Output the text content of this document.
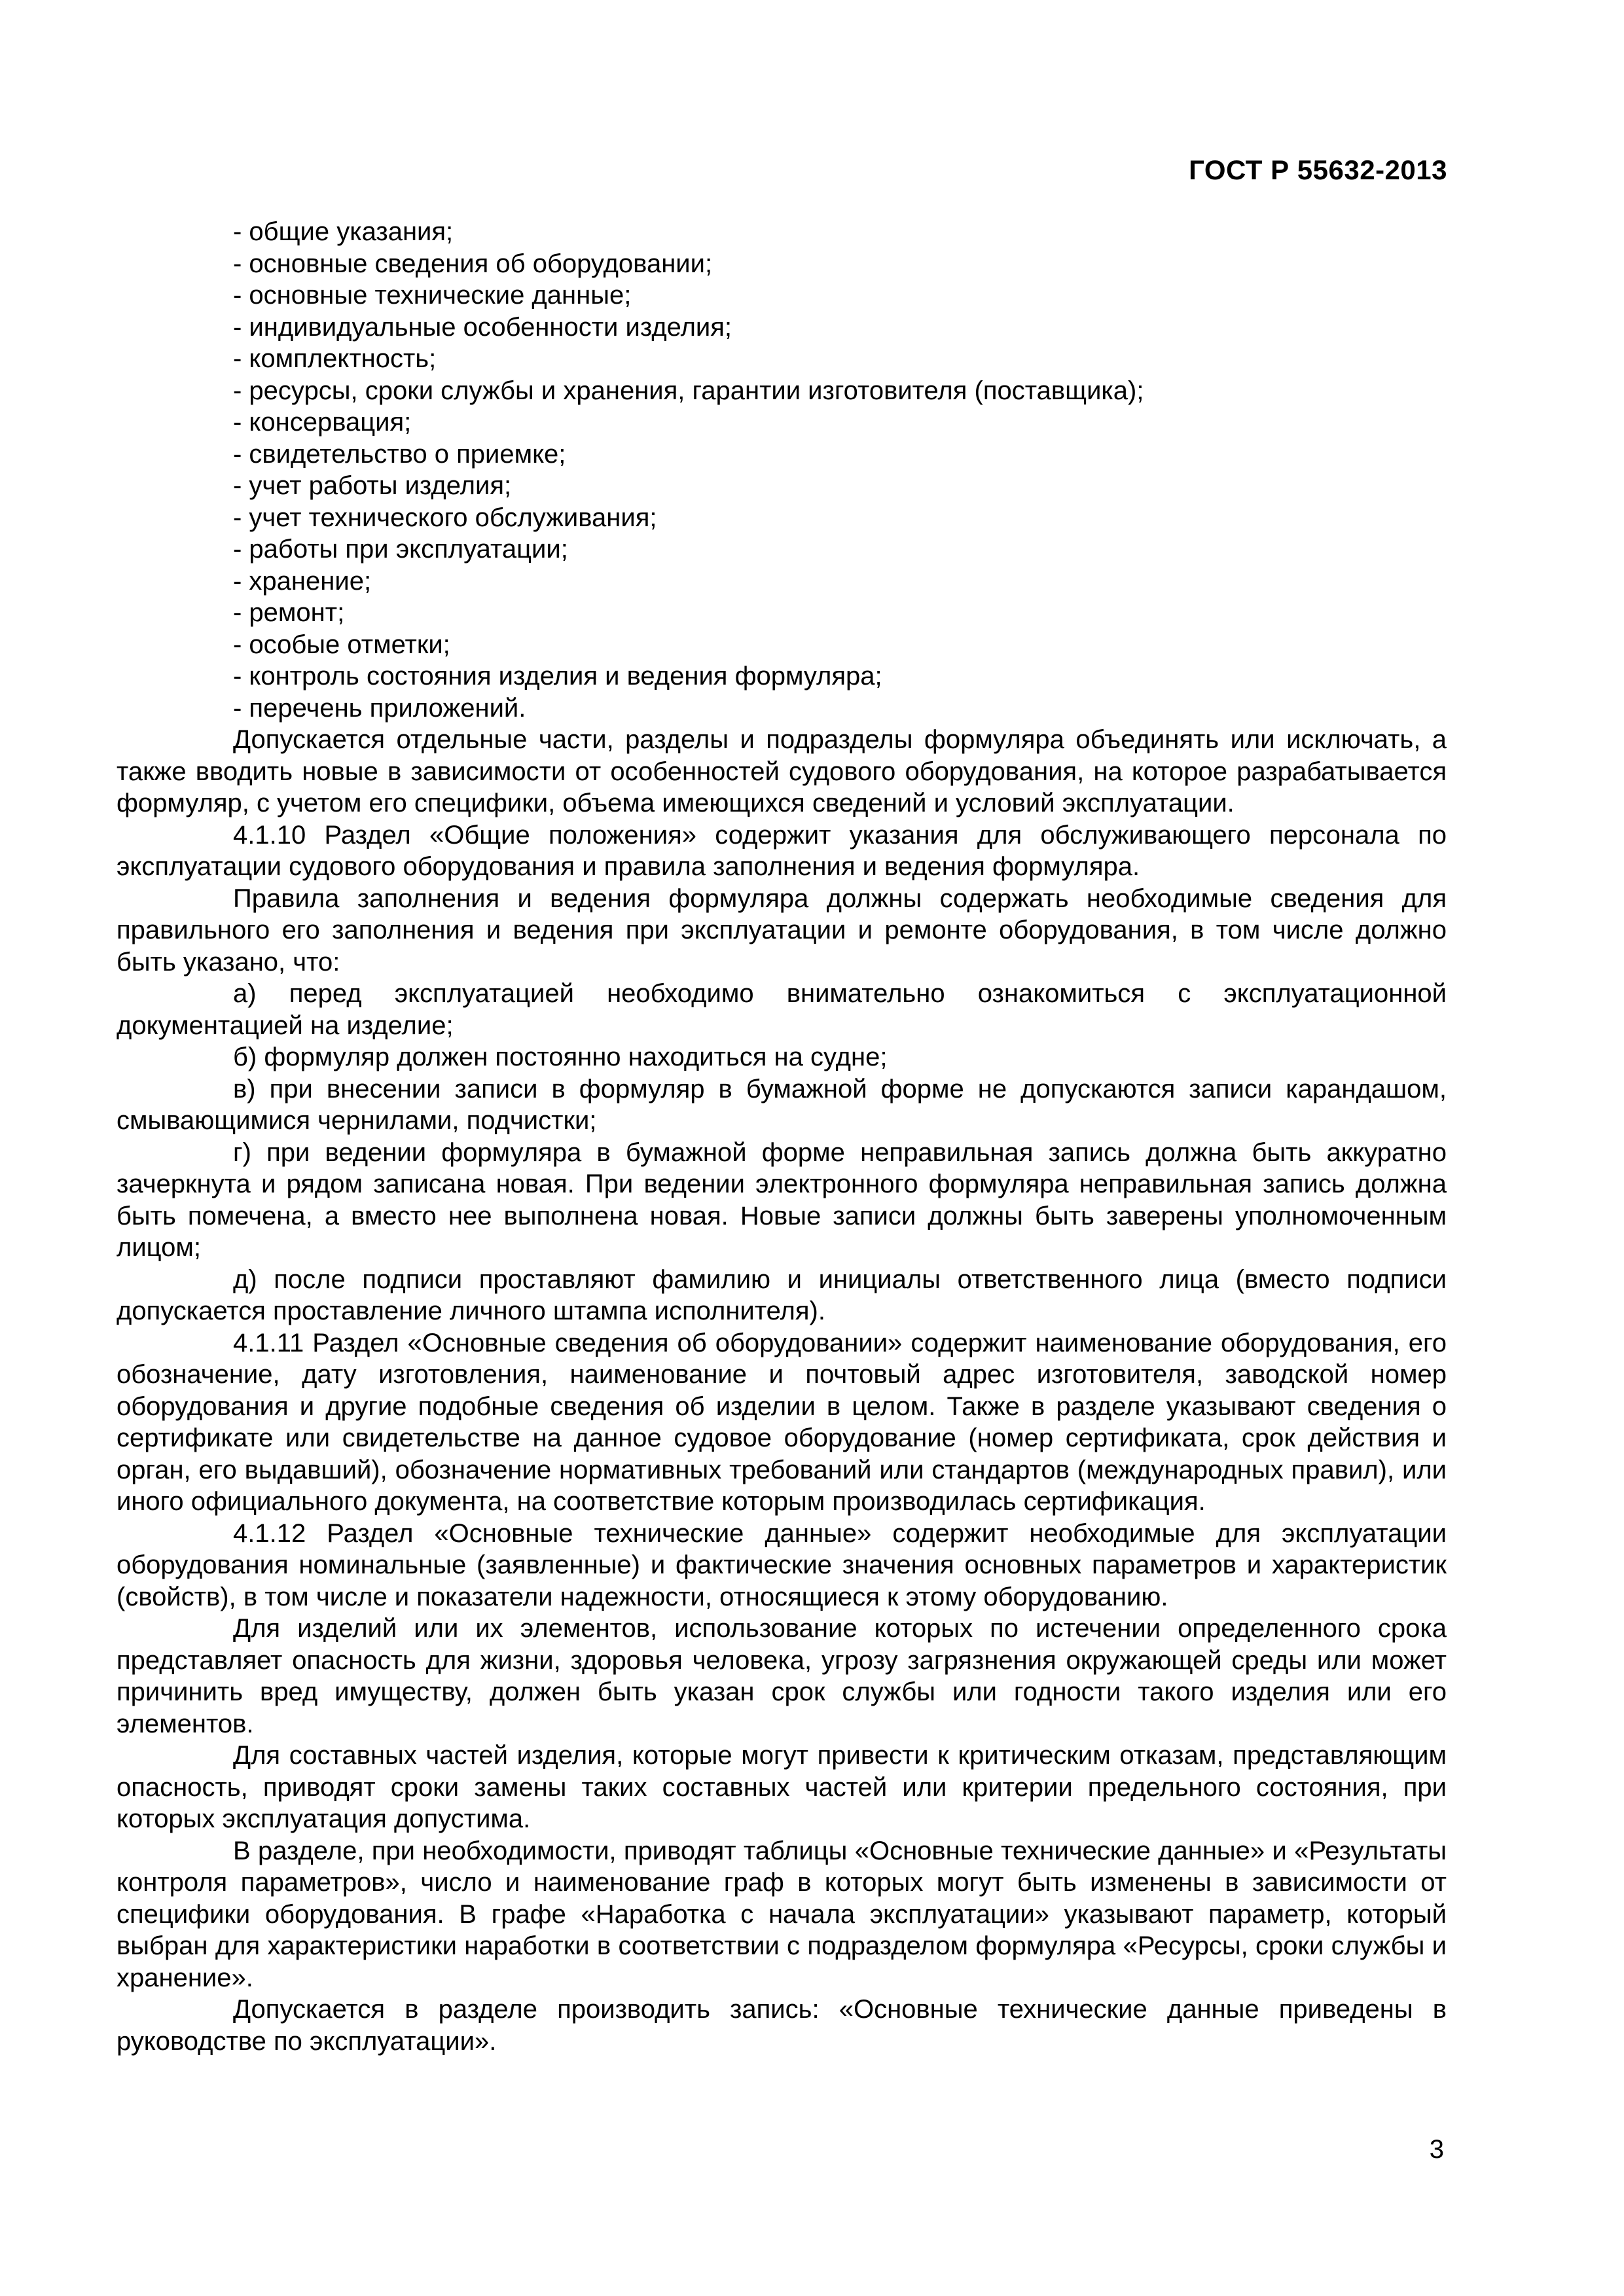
ГОСТ Р 55632-2013

- общие указания;

- основные сведения об оборудовании;

- основные технические данные;

- индивидуальные особенности изделия;

- комплектность;

- ресурсы, сроки службы и хранения, гарантии изготовителя (поставщика);

- консервация;

- свидетельство о приемке;

- учет работы изделия;

- учет технического обслуживания;

- работы при эксплуатации;

- хранение;

- ремонт;

- особые отметки;

- контроль состояния изделия и ведения формуляра;

- перечень приложений.

Допускается отдельные части, разделы и подразделы формуляра объединять или исключать, а также вводить новые в зависимости от особенностей судового оборудования, на которое разрабатывается формуляр, с учетом его специфики, объема имеющихся сведений и условий эксплуатации.

4.1.10 Раздел «Общие положения» содержит указания для обслуживающего персонала по эксплуатации судового оборудования и правила заполнения и ведения формуляра.

Правила заполнения и ведения формуляра должны содержать необходимые сведения для правильного его заполнения и ведения при эксплуатации и ремонте оборудования, в том числе должно быть указано, что:

а) перед эксплуатацией необходимо внимательно ознакомиться с эксплуатационной документацией на изделие;

б) формуляр должен постоянно находиться на судне;

в) при внесении записи в формуляр в бумажной форме не допускаются записи карандашом, смывающимися чернилами, подчистки;

г) при ведении формуляра в бумажной форме неправильная запись должна быть аккуратно зачеркнута и рядом записана новая. При ведении электронного формуляра неправильная запись должна быть помечена, а вместо нее выполнена новая. Новые записи должны быть заверены уполномоченным лицом;

д) после подписи проставляют фамилию и инициалы ответственного лица (вместо подписи допускается проставление личного штампа исполнителя).

4.1.11 Раздел «Основные сведения об оборудовании» содержит наименование оборудования, его обозначение, дату изготовления, наименование и почтовый адрес изготовителя, заводской номер оборудования и другие подобные сведения об изделии в целом. Также в разделе указывают сведения о сертификате или свидетельстве на данное судовое оборудование (номер сертификата, срок действия и орган, его выдавший), обозначение нормативных требований или стандартов (международных правил), или иного официального документа, на соответствие которым производилась сертификация.

4.1.12 Раздел «Основные технические данные» содержит необходимые для эксплуатации оборудования номинальные (заявленные) и фактические значения основных параметров и характеристик (свойств), в том числе и показатели надежности, относящиеся к этому оборудованию.

Для изделий или их элементов, использование которых по истечении определенного срока представляет опасность для жизни, здоровья человека, угрозу загрязнения окружающей среды или может причинить вред имуществу, должен быть указан срок службы или годности такого изделия или его элементов.

Для составных частей изделия, которые могут привести к критическим отказам, представляющим опасность, приводят сроки замены таких составных частей или критерии предельного состояния, при которых эксплуатация допустима.

В разделе, при необходимости, приводят таблицы «Основные технические данные» и «Результаты контроля параметров», число и наименование граф в которых могут быть изменены в зависимости от специфики оборудования. В графе «Наработка с начала эксплуатации» указывают параметр, который выбран для характеристики наработки в соответствии с подразделом формуляра «Ресурсы, сроки службы и хранение».

Допускается в разделе производить запись: «Основные технические данные приведены в руководстве по эксплуатации».

3
